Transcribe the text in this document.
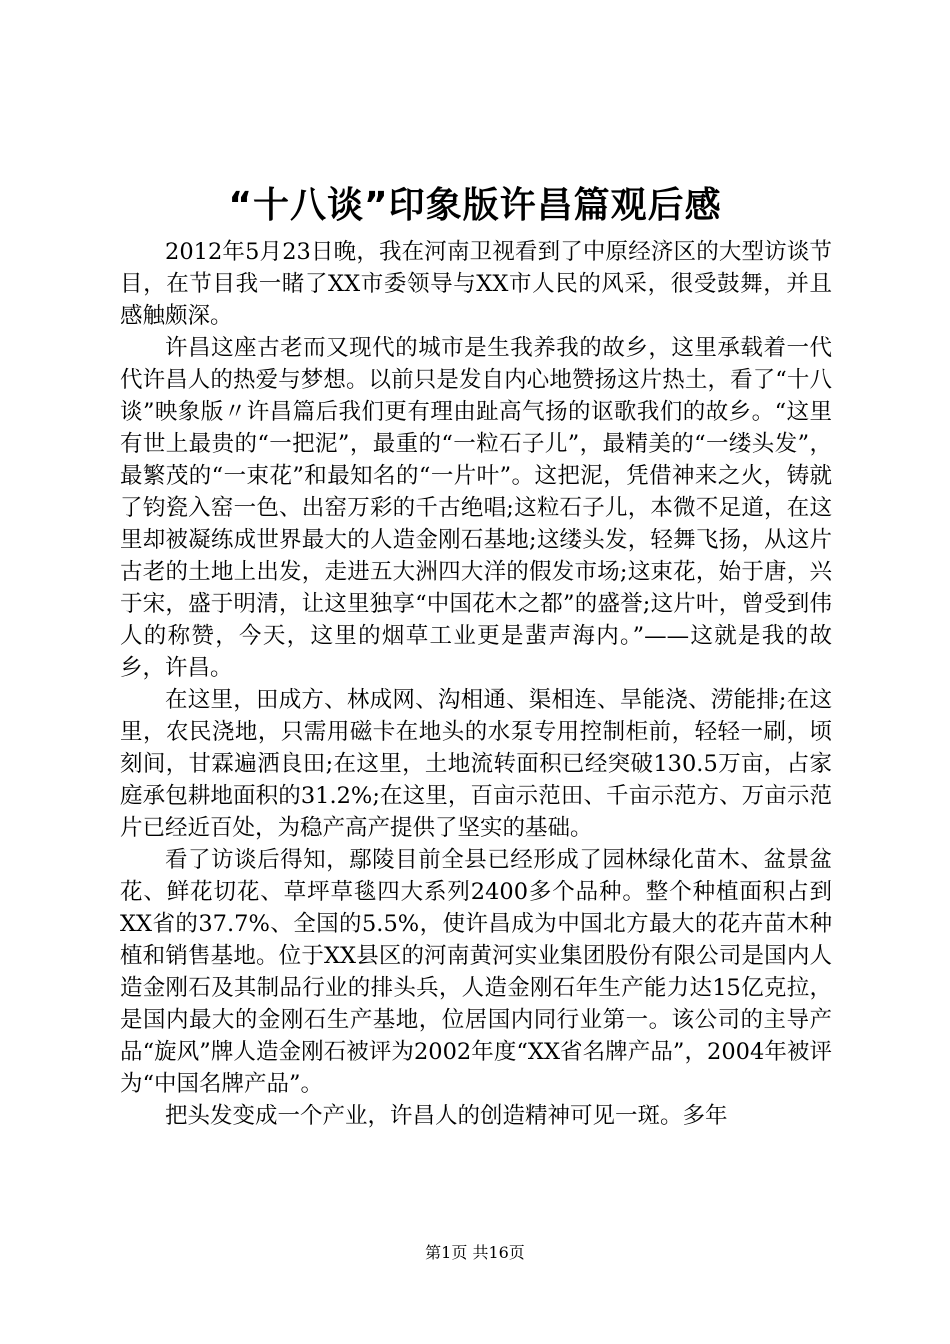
“十八谈”印象版许昌篇观后感

2012年5月23日晚，我在河南卫视看到了中原经济区的大型访谈节目，在节目我一睹了XX市委领导与XX市人民的风采，很受鼓舞，并且感触颇深。

许昌这座古老而又现代的城市是生我养我的故乡，这里承载着一代代许昌人的热爱与梦想。以前只是发自内心地赞扬这片热土，看了“十八谈”映象版〃许昌篇后我们更有理由趾高气扬的讴歌我们的故乡。“这里有世上最贵的“一把泥”，最重的“一粒石子儿”，最精美的“一缕头发”，最繁茂的“一束花”和最知名的“一片叶”。这把泥，凭借神来之火，铸就了钧瓷入窑一色、出窑万彩的千古绝唱;这粒石子儿，本微不足道，在这里却被凝练成世界最大的人造金刚石基地;这缕头发，轻舞飞扬，从这片古老的土地上出发，走进五大洲四大洋的假发市场;这束花，始于唐，兴于宋，盛于明清，让这里独享“中国花木之都”的盛誉;这片叶，曾受到伟人的称赞，今天，这里的烟草工业更是蜚声海内。”——这就是我的故乡，许昌。

在这里，田成方、林成网、沟相通、渠相连、旱能浇、涝能排;在这里，农民浇地，只需用磁卡在地头的水泵专用控制柜前，轻轻一刷，顷刻间，甘霖遍洒良田;在这里，土地流转面积已经突破130.5万亩，占家庭承包耕地面积的31.2%;在这里，百亩示范田、千亩示范方、万亩示范片已经近百处，为稳产高产提供了坚实的基础。

看了访谈后得知，鄢陵目前全县已经形成了园林绿化苗木、盆景盆花、鲜花切花、草坪草毯四大系列2400多个品种。整个种植面积占到XX省的37.7%、全国的5.5%，使许昌成为中国北方最大的花卉苗木种植和销售基地。位于XX县区的河南黄河实业集团股份有限公司是国内人造金刚石及其制品行业的排头兵，人造金刚石年生产能力达15亿克拉，是国内最大的金刚石生产基地，位居国内同行业第一。该公司的主导产品“旋风”牌人造金刚石被评为2002年度“XX省名牌产品”，2004年被评为“中国名牌产品”。

把头发变成一个产业，许昌人的创造精神可见一斑。多年

第1页 共16页
